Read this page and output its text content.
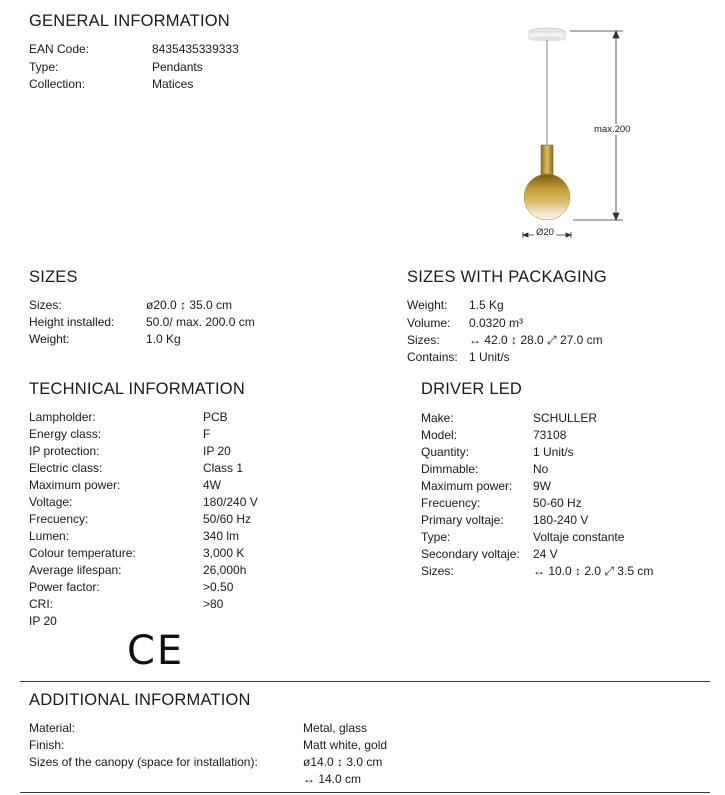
GENERAL INFORMATION
EAN Code:	8435435339333
Type:	Pendants
Collection:	Matices
max.200
Ø20
SIZES
Sizes:	ø20.0 ↕ 35.0 cm
Height installed:	50.0/ max. 200.0 cm
Weight:	1.0 Kg
SIZES WITH PACKAGING
Weight: 1.5 Kg
Volume: 0.0320 m³
Sizes: ↔ 42.0 ↕ 28.0 ⤢ 27.0 cm
Contains: 1 Unit/s
TECHNICAL INFORMATION
Lampholder:	PCB
Energy class:	F
IP protection:	IP 20
Electric class:	Class 1
Maximum power:	4W
Voltage:	180/240 V
Frecuency:	50/60 Hz
Lumen:	340 lm
Colour temperature:	3,000 K
Average lifespan:	26,000h
Power factor:	>0.50
CRI:	>80
IP 20
CE
DRIVER LED
Make:	SCHULLER
Model:	73108
Quantity:	1 Unit/s
Dimmable:	No
Maximum power: 9W
Frecuency:	50-60 Hz
Primary voltaje: 180-240 V
Type:	Voltaje constante
Secondary voltaje: 24 V
Sizes:	↔ 10.0 ↕ 2.0 ⤢ 3.5 cm
ADDITIONAL INFORMATION
Material:	Metal, glass
Finish:	Matt white, gold
Sizes of the canopy (space for installation):	ø14.0 ↕ 3.0 cm
↔ 14.0 cm
